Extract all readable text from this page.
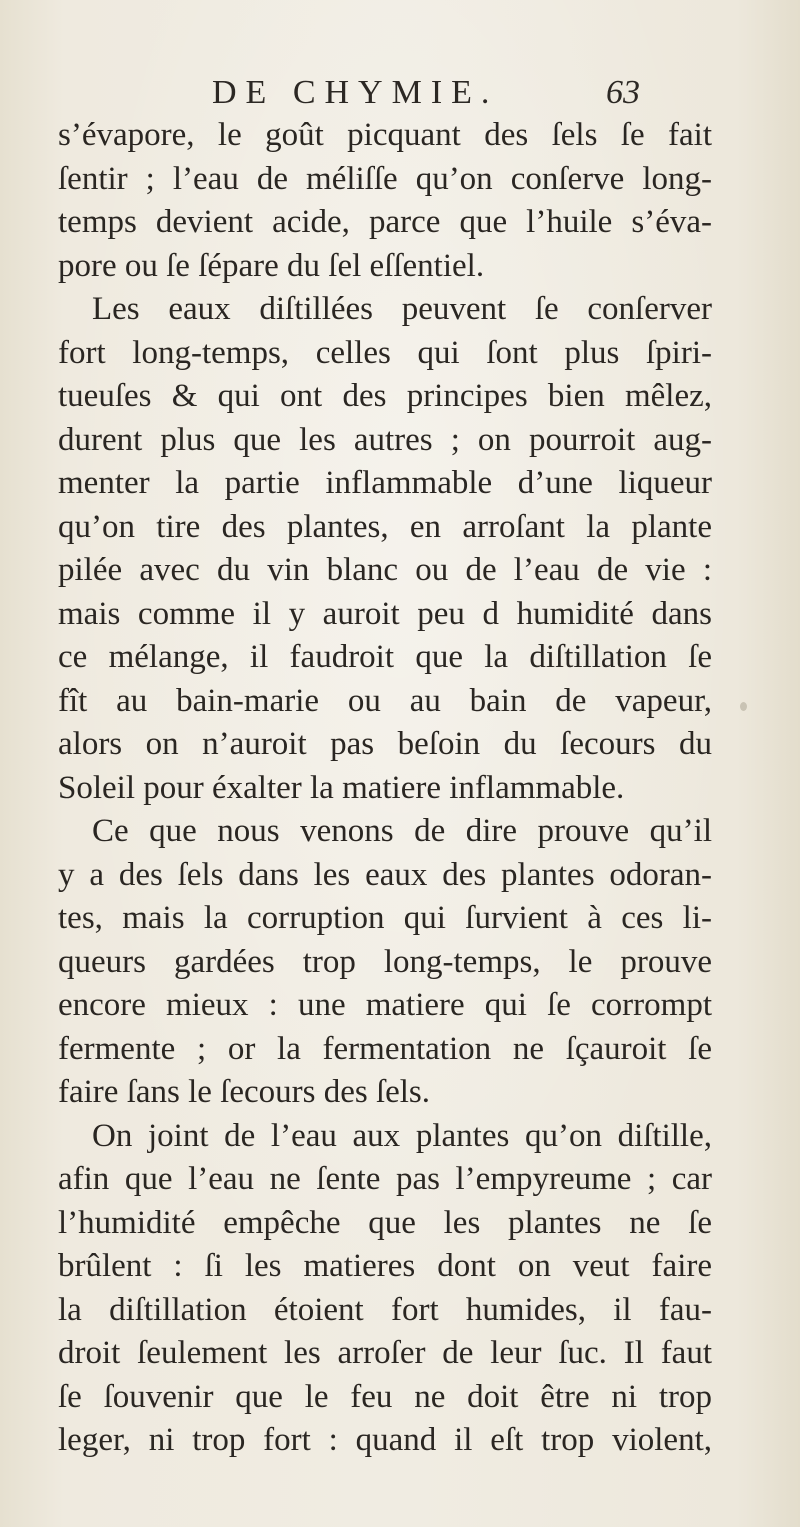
DE CHYMIE.	63
s’évapore, le goût picquant des ſels ſe fait
ſentir ; l’eau de méliſſe qu’on conſerve long-
temps devient acide, parce que l’huile s’éva-
pore ou ſe ſépare du ſel eſſentiel.
Les eaux diſtillées peuvent ſe conſerver
fort long-temps, celles qui ſont plus ſpiri-
tueuſes & qui ont des principes bien mêlez,
durent plus que les autres ; on pourroit aug-
menter la partie inflammable d’une liqueur
qu’on tire des plantes, en arroſant la plante
pilée avec du vin blanc ou de l’eau de vie :
mais comme il y auroit peu d humidité dans
ce mélange, il faudroit que la diſtillation ſe
fît au bain-marie ou au bain de vapeur,
alors on n’auroit pas beſoin du ſecours du
Soleil pour éxalter la matiere inflammable.
Ce que nous venons de dire prouve qu’il
y a des ſels dans les eaux des plantes odoran-
tes, mais la corruption qui ſurvient à ces li-
queurs gardées trop long-temps, le prouve
encore mieux : une matiere qui ſe corrompt
fermente ; or la fermentation ne ſçauroit ſe
faire ſans le ſecours des ſels.
On joint de l’eau aux plantes qu’on diſtille,
afin que l’eau ne ſente pas l’empyreume ; car
l’humidité empêche que les plantes ne ſe
brûlent : ſi les matieres dont on veut faire
la diſtillation étoient fort humides, il fau-
droit ſeulement les arroſer de leur ſuc. Il faut
ſe ſouvenir que le feu ne doit être ni trop
leger, ni trop fort : quand il eſt trop violent,
